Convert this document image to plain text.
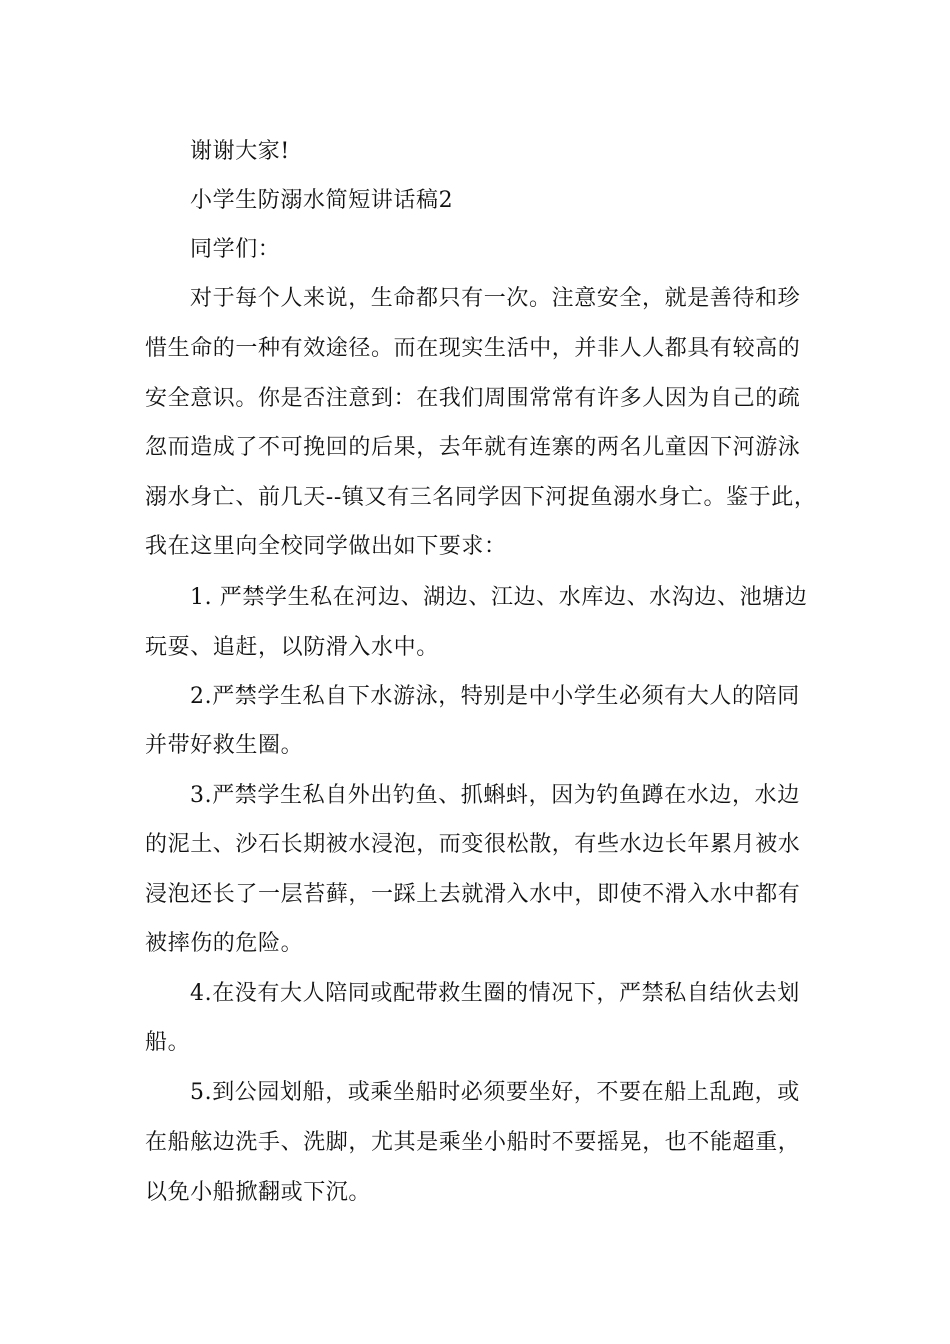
谢谢大家!
小学生防溺水简短讲话稿2
同学们：
对于每个人来说，生命都只有一次。注意安全，就是善待和珍
惜生命的一种有效途径。而在现实生活中，并非人人都具有较高的
安全意识。你是否注意到：在我们周围常常有许多人因为自己的疏
忽而造成了不可挽回的后果，去年就有连寨的两名儿童因下河游泳
溺水身亡、前几天--镇又有三名同学因下河捉鱼溺水身亡。鉴于此，
我在这里向全校同学做出如下要求：
1. 严禁学生私在河边、湖边、江边、水库边、水沟边、池塘边
玩耍、追赶，以防滑入水中。
2.严禁学生私自下水游泳，特别是中小学生必须有大人的陪同
并带好救生圈。
3.严禁学生私自外出钓鱼、抓蝌蚪，因为钓鱼蹲在水边，水边
的泥土、沙石长期被水浸泡，而变很松散，有些水边长年累月被水
浸泡还长了一层苔藓，一踩上去就滑入水中，即使不滑入水中都有
被摔伤的危险。
4.在没有大人陪同或配带救生圈的情况下，严禁私自结伙去划
船。
5.到公园划船，或乘坐船时必须要坐好，不要在船上乱跑，或
在船舷边洗手、洗脚，尤其是乘坐小船时不要摇晃，也不能超重，
以免小船掀翻或下沉。
